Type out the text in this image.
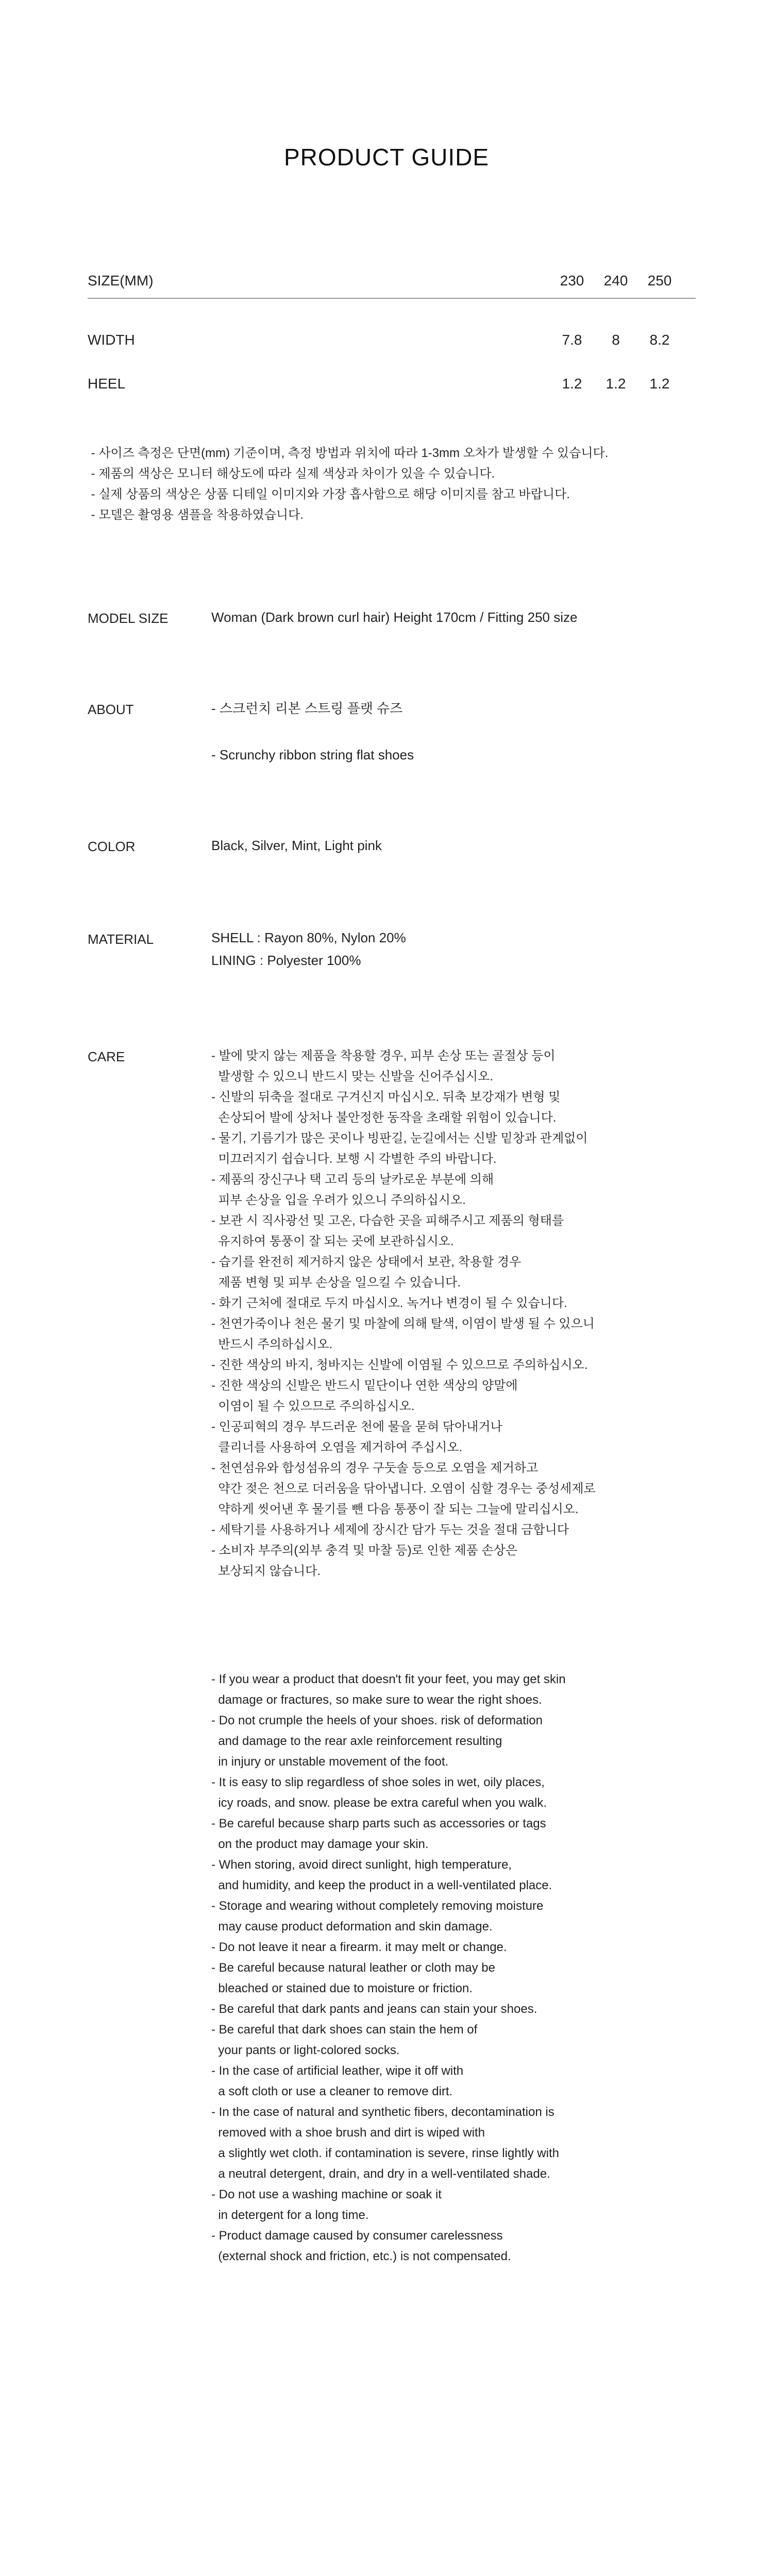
PRODUCT GUIDE
SIZE(MM)	230	240	250
WIDTH	7.8	8	8.2
HEEL	1.2	1.2	1.2
- 사이즈 측정은 단면(mm) 기준이며, 측정 방법과 위치에 따라 1-3mm 오차가 발생할 수 있습니다.
- 제품의 색상은 모니터 해상도에 따라 실제 색상과 차이가 있을 수 있습니다.
- 실제 상품의 색상은 상품 디테일 이미지와 가장 흡사함으로 해당 이미지를 참고 바랍니다.
- 모델은 촬영용 샘플을 착용하였습니다.
MODEL SIZE	Woman (Dark brown curl hair) Height 170cm / Fitting 250 size
ABOUT	- 스크런치 리본 스트링 플랫 슈즈
- Scrunchy ribbon string flat shoes
COLOR	Black, Silver, Mint, Light pink
MATERIAL	SHELL : Rayon 80%, Nylon 20%
LINING : Polyester 100%
CARE	- 발에 맞지 않는 제품을 착용할 경우, 피부 손상 또는 골절상 등이
발생할 수 있으니 반드시 맞는 신발을 신어주십시오.
- 신발의 뒤축을 절대로 구겨신지 마십시오. 뒤축 보강재가 변형 및
손상되어 발에 상처나 불안정한 동작을 초래할 위험이 있습니다.
- 물기, 기름기가 많은 곳이나 빙판길, 눈길에서는 신발 밑창과 관계없이
미끄러지기 쉽습니다. 보행 시 각별한 주의 바랍니다.
- 제품의 장신구나 택 고리 등의 날카로운 부분에 의해
피부 손상을 입을 우려가 있으니 주의하십시오.
- 보관 시 직사광선 및 고온, 다습한 곳을 피해주시고 제품의 형태를
유지하여 통풍이 잘 되는 곳에 보관하십시오.
- 습기를 완전히 제거하지 않은 상태에서 보관, 착용할 경우
제품 변형 및 피부 손상을 일으킬 수 있습니다.
- 화기 근처에 절대로 두지 마십시오. 녹거나 변경이 될 수 있습니다.
- 천연가죽이나 천은 물기 및 마찰에 의해 탈색, 이염이 발생 될 수 있으니
반드시 주의하십시오.
- 진한 색상의 바지, 청바지는 신발에 이염될 수 있으므로 주의하십시오.
- 진한 색상의 신발은 반드시 밑단이나 연한 색상의 양말에
이염이 될 수 있으므로 주의하십시오.
- 인공피혁의 경우 부드러운 천에 물을 묻혀 닦아내거나
클리너를 사용하여 오염을 제거하여 주십시오.
- 천연섬유와 합성섬유의 경우 구둣솔 등으로 오염을 제거하고
약간 젖은 천으로 더러움을 닦아냅니다. 오염이 심할 경우는 중성세제로
약하게 씻어낸 후 물기를 뺀 다음 통풍이 잘 되는 그늘에 말리십시오.
- 세탁기를 사용하거나 세제에 장시간 담가 두는 것을 절대 금합니다
- 소비자 부주의(외부 충격 및 마찰 등)로 인한 제품 손상은
보상되지 않습니다.
- If you wear a product that doesn't fit your feet, you may get skin
damage or fractures, so make sure to wear the right shoes.
- Do not crumple the heels of your shoes. risk of deformation
and damage to the rear axle reinforcement resulting
in injury or unstable movement of the foot.
- It is easy to slip regardless of shoe soles in wet, oily places,
icy roads, and snow. please be extra careful when you walk.
- Be careful because sharp parts such as accessories or tags
on the product may damage your skin.
- When storing, avoid direct sunlight, high temperature,
and humidity, and keep the product in a well-ventilated place.
- Storage and wearing without completely removing moisture
may cause product deformation and skin damage.
- Do not leave it near a firearm. it may melt or change.
- Be careful because natural leather or cloth may be
bleached or stained due to moisture or friction.
- Be careful that dark pants and jeans can stain your shoes.
- Be careful that dark shoes can stain the hem of
your pants or light-colored socks.
- In the case of artificial leather, wipe it off with
a soft cloth or use a cleaner to remove dirt.
- In the case of natural and synthetic fibers, decontamination is
removed with a shoe brush and dirt is wiped with
a slightly wet cloth. if contamination is severe, rinse lightly with
a neutral detergent, drain, and dry in a well-ventilated shade.
- Do not use a washing machine or soak it
in detergent for a long time.
- Product damage caused by consumer carelessness
(external shock and friction, etc.) is not compensated.
